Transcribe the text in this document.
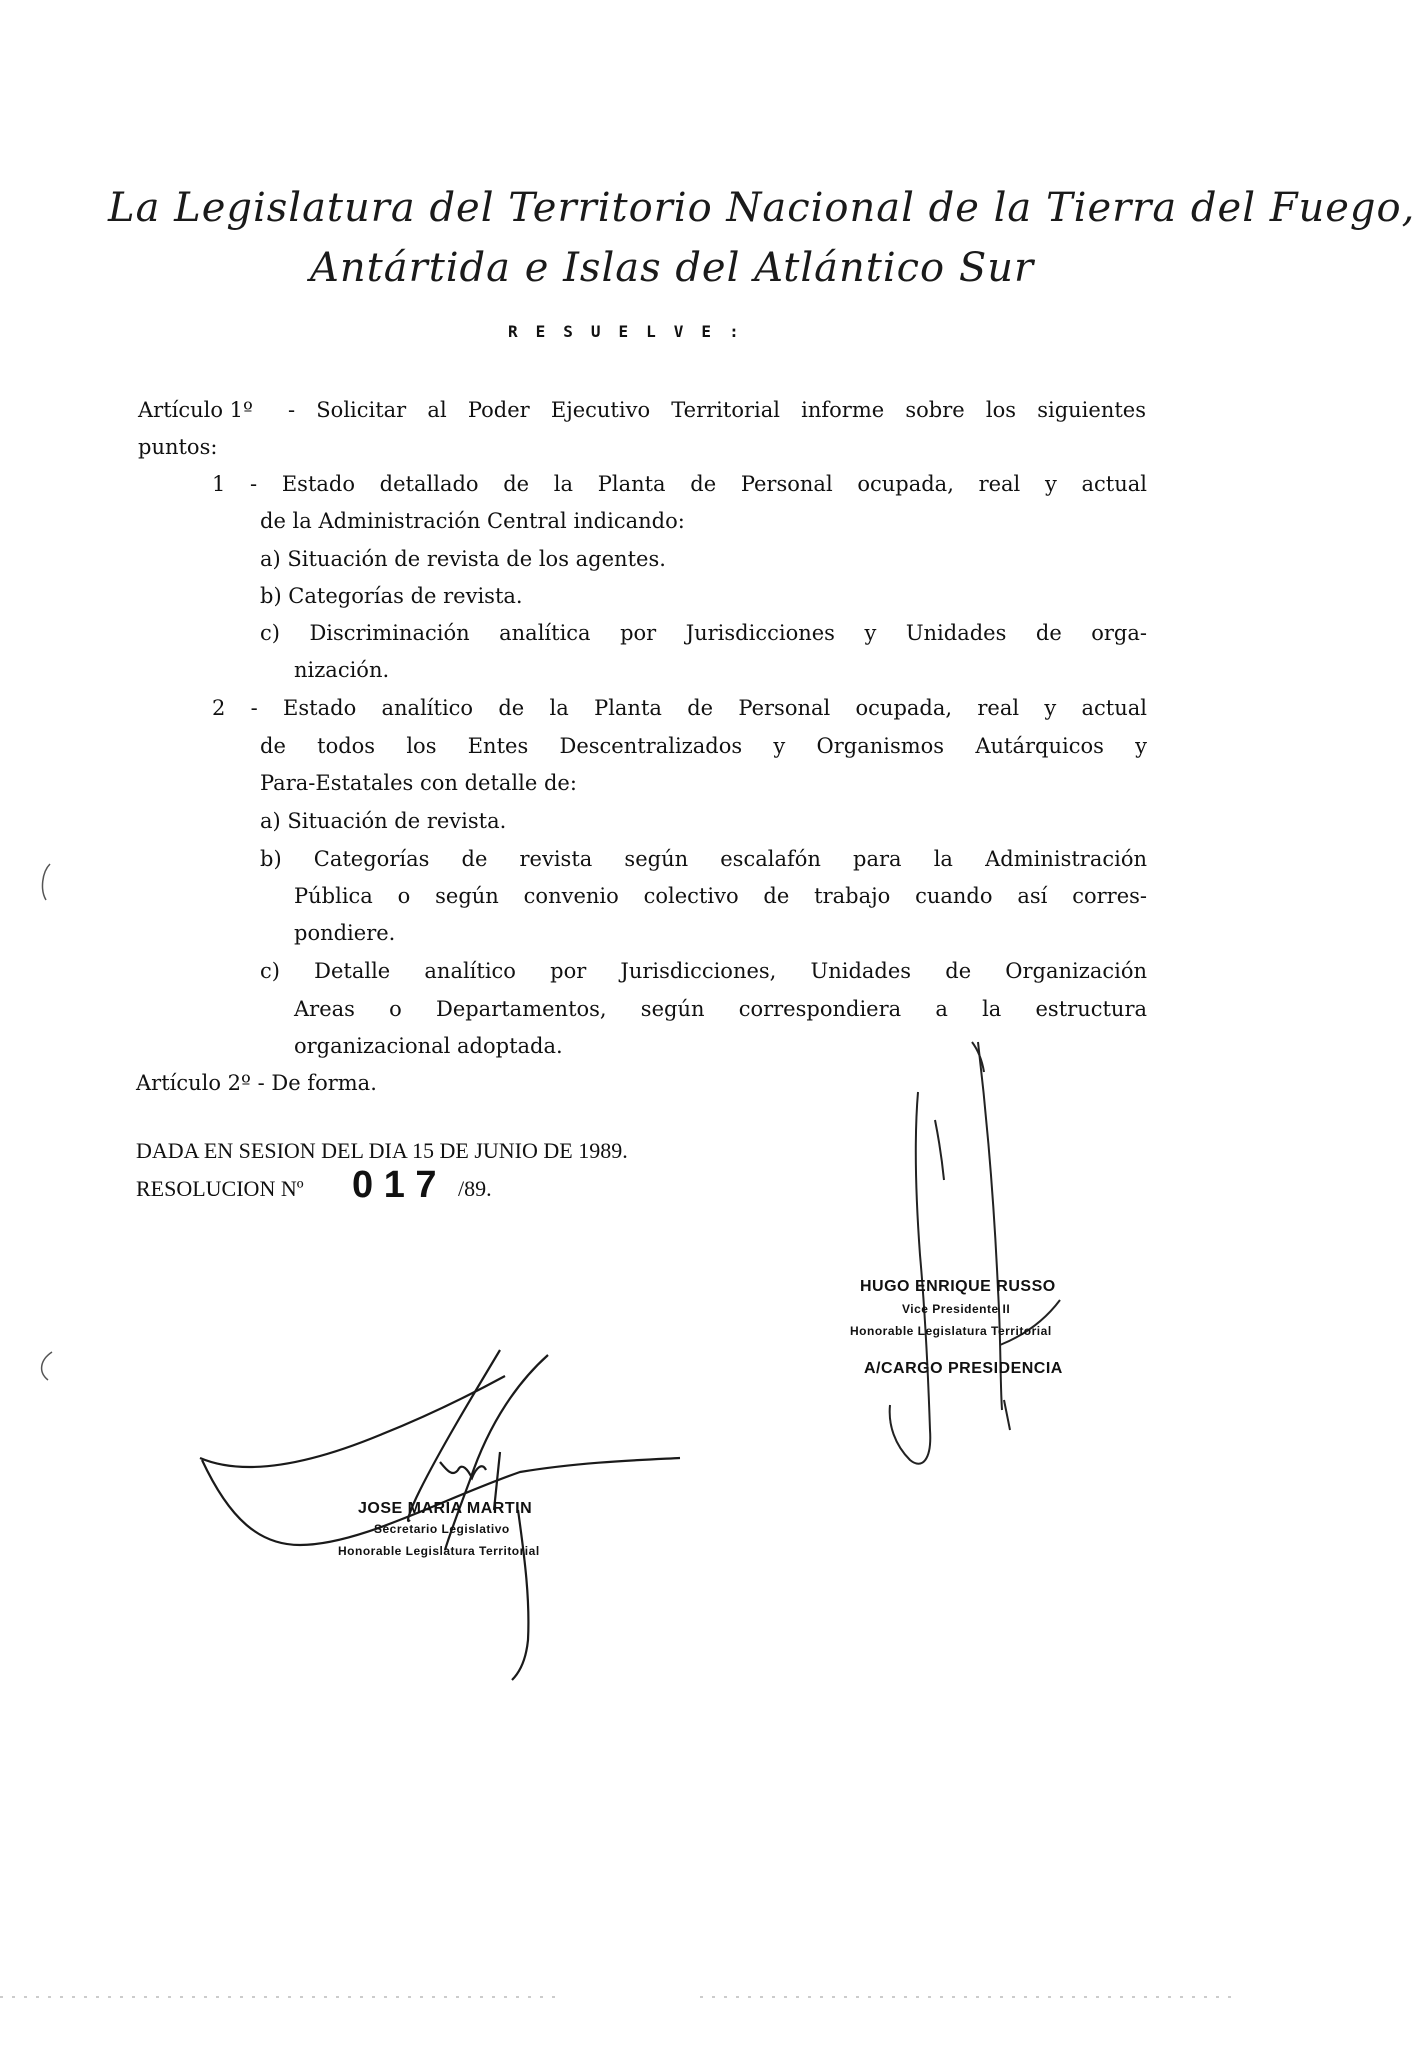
La Legislatura del Territorio Nacional de la Tierra del Fuego,
Antártida e Islas del Atlántico Sur
RESUELVE:
Artículo 1º - Solicitar al Poder Ejecutivo Territorial informe sobre los siguientes
puntos:
1 - Estado detallado de la Planta de Personal ocupada, real y actual
de la Administración Central indicando:
a) Situación de revista de los agentes.
b) Categorías de revista.
c) Discriminación analítica por Jurisdicciones y Unidades de orga-
nización.
2 - Estado analítico de la Planta de Personal ocupada, real y actual
de todos los Entes Descentralizados y Organismos Autárquicos y
Para-Estatales con detalle de:
a) Situación de revista.
b) Categorías de revista según escalafón para la Administración
Pública o según convenio colectivo de trabajo cuando así corres-
pondiere.
c) Detalle analítico por Jurisdicciones, Unidades de Organización
Areas o Departamentos, según correspondiera a la estructura
organizacional adoptada.
Artículo 2º - De forma.
DADA EN SESION DEL DIA 15 DE JUNIO DE 1989.
RESOLUCION Nº 0 1 7 /89.
HUGO ENRIQUE RUSSO
Vice Presidente II
Honorable Legislatura Territorial
A/CARGO PRESIDENCIA
JOSE MARIA MARTIN
Secretario Legislativo
Honorable Legislatura Territorial
